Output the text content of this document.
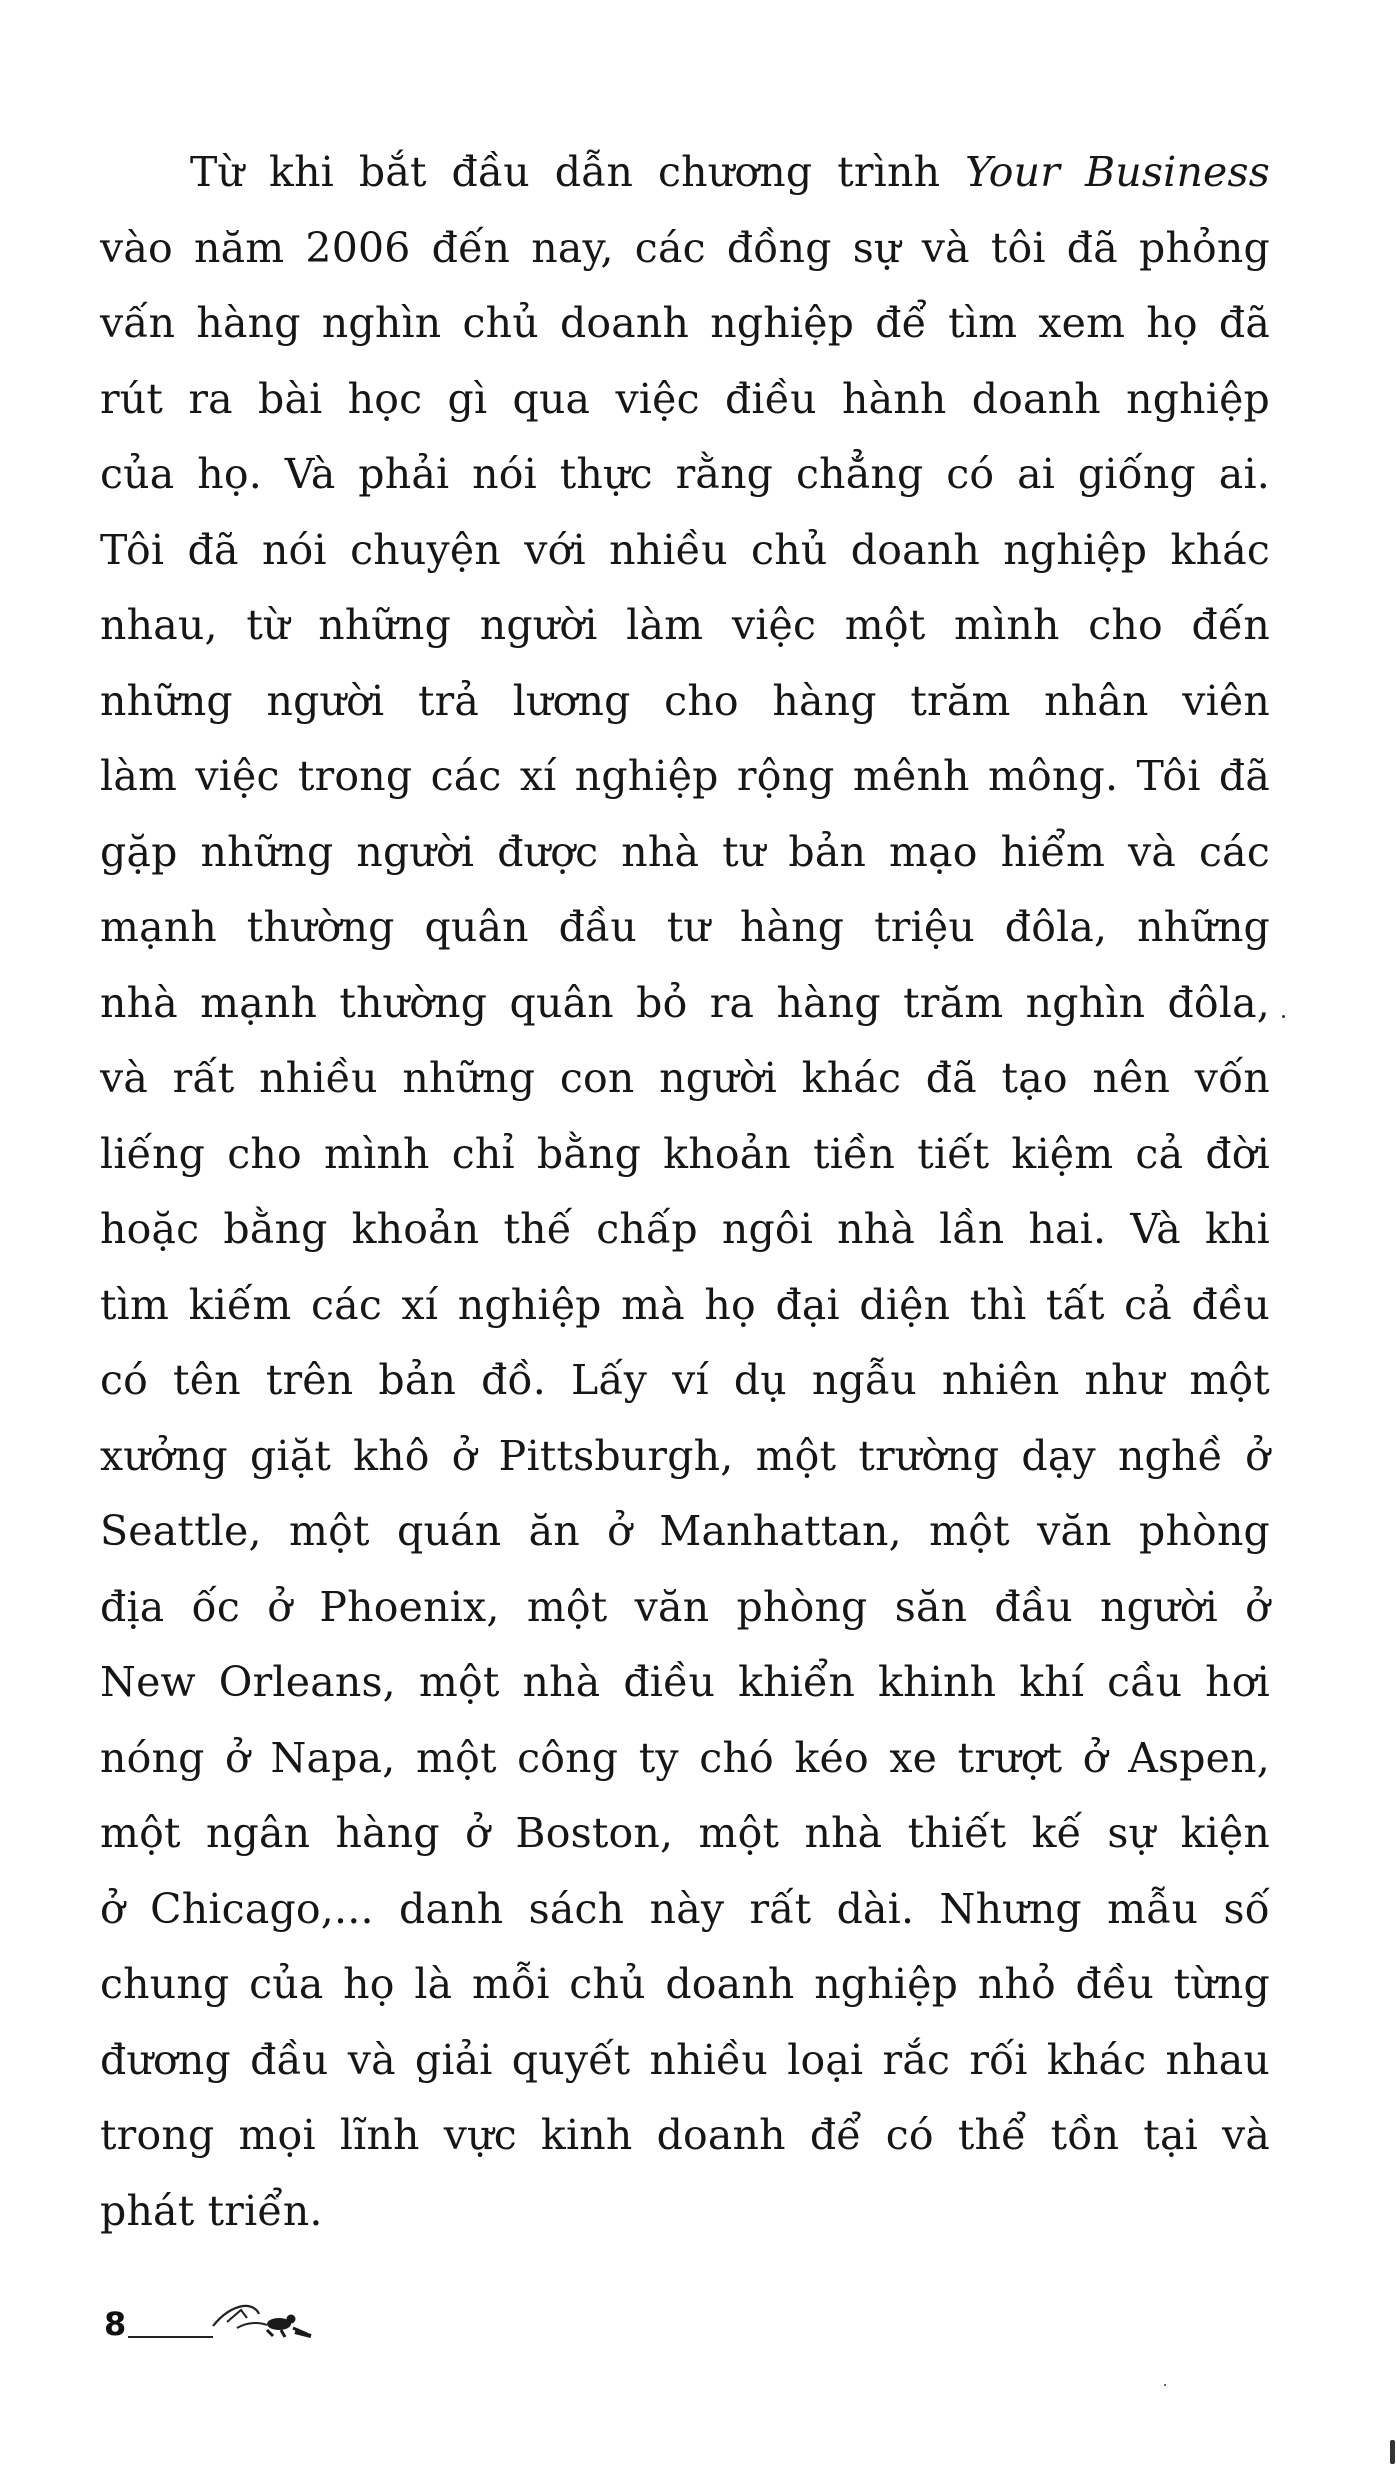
Từ khi bắt đầu dẫn chương trình Your Business
vào năm 2006 đến nay, các đồng sự và tôi đã phỏng
vấn hàng nghìn chủ doanh nghiệp để tìm xem họ đã
rút ra bài học gì qua việc điều hành doanh nghiệp
của họ. Và phải nói thực rằng chẳng có ai giống ai.
Tôi đã nói chuyện với nhiều chủ doanh nghiệp khác
nhau, từ những người làm việc một mình cho đến
những người trả lương cho hàng trăm nhân viên
làm việc trong các xí nghiệp rộng mênh mông. Tôi đã
gặp những người được nhà tư bản mạo hiểm và các
mạnh thường quân đầu tư hàng triệu đôla, những
nhà mạnh thường quân bỏ ra hàng trăm nghìn đôla,
và rất nhiều những con người khác đã tạo nên vốn
liếng cho mình chỉ bằng khoản tiền tiết kiệm cả đời
hoặc bằng khoản thế chấp ngôi nhà lần hai. Và khi
tìm kiếm các xí nghiệp mà họ đại diện thì tất cả đều
có tên trên bản đồ. Lấy ví dụ ngẫu nhiên như một
xưởng giặt khô ở Pittsburgh, một trường dạy nghề ở
Seattle, một quán ăn ở Manhattan, một văn phòng
địa ốc ở Phoenix, một văn phòng săn đầu người ở
New Orleans, một nhà điều khiển khinh khí cầu hơi
nóng ở Napa, một công ty chó kéo xe trượt ở Aspen,
một ngân hàng ở Boston, một nhà thiết kế sự kiện
ở Chicago,... danh sách này rất dài. Nhưng mẫu số
chung của họ là mỗi chủ doanh nghiệp nhỏ đều từng
đương đầu và giải quyết nhiều loại rắc rối khác nhau
trong mọi lĩnh vực kinh doanh để có thể tồn tại và
phát triển.
8
